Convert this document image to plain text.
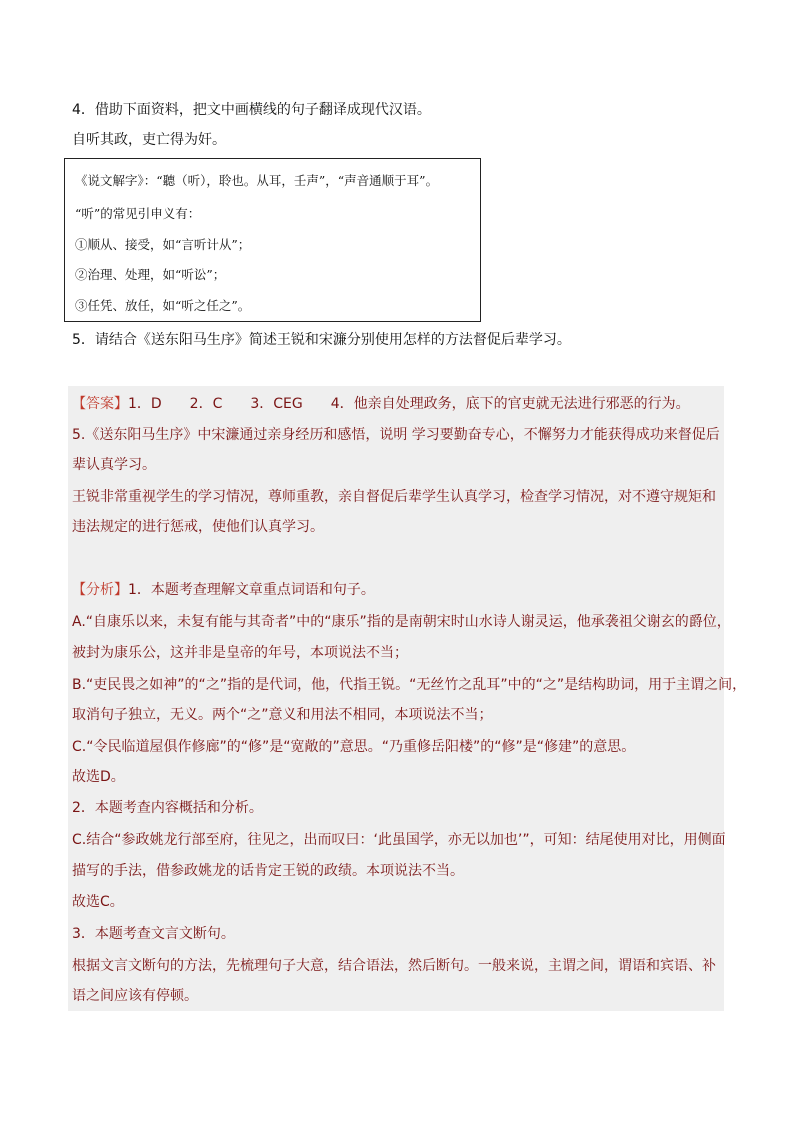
4．借助下面资料，把文中画横线的句子翻译成现代汉语。
自听其政，吏亡得为奸。
《说文解字》：“聽（听），聆也。从耳，壬声”，“声音通顺于耳”。
“听”的常见引申义有：
①顺从、接受，如“言听计从”；
②治理、处理，如“听讼”；
③任凭、放任，如“听之任之”。
5．请结合《送东阳马生序》简述王锐和宋濂分别使用怎样的方法督促后辈学习。
【答案】1．D　　2．C　　3．CEG　　4．他亲自处理政务，底下的官吏就无法进行邪恶的行为。
5.《送东阳马生序》中宋濂通过亲身经历和感悟，说明 学习要勤奋专心，不懈努力才能获得成功来督促后
辈认真学习。
王锐非常重视学生的学习情况，尊师重教，亲自督促后辈学生认真学习，检查学习情况，对不遵守规矩和
违法规定的进行惩戒，使他们认真学习。
【分析】1．本题考查理解文章重点词语和句子。
A.“自康乐以来，未复有能与其奇者”中的“康乐”指的是南朝宋时山水诗人谢灵运，他承袭祖父谢玄的爵位，
被封为康乐公，这并非是皇帝的年号，本项说法不当；
B.“吏民畏之如神”的“之”指的是代词，他，代指王锐。“无丝竹之乱耳”中的“之”是结构助词，用于主谓之间，
取消句子独立，无义。两个“之”意义和用法不相同，本项说法不当；
C.“令民临道屋俱作修廊”的“修”是“宽敞的”意思。“乃重修岳阳楼”的“修”是“修建”的意思。
故选D。
2．本题考查内容概括和分析。
C.结合“参政姚龙行部至府，往见之，出而叹曰：‘此虽国学，亦无以加也’”，可知：结尾使用对比，用侧面
描写的手法，借参政姚龙的话肯定王锐的政绩。本项说法不当。
故选C。
3．本题考查文言文断句。
根据文言文断句的方法，先梳理句子大意，结合语法，然后断句。一般来说，主谓之间，谓语和宾语、补
语之间应该有停顿。
